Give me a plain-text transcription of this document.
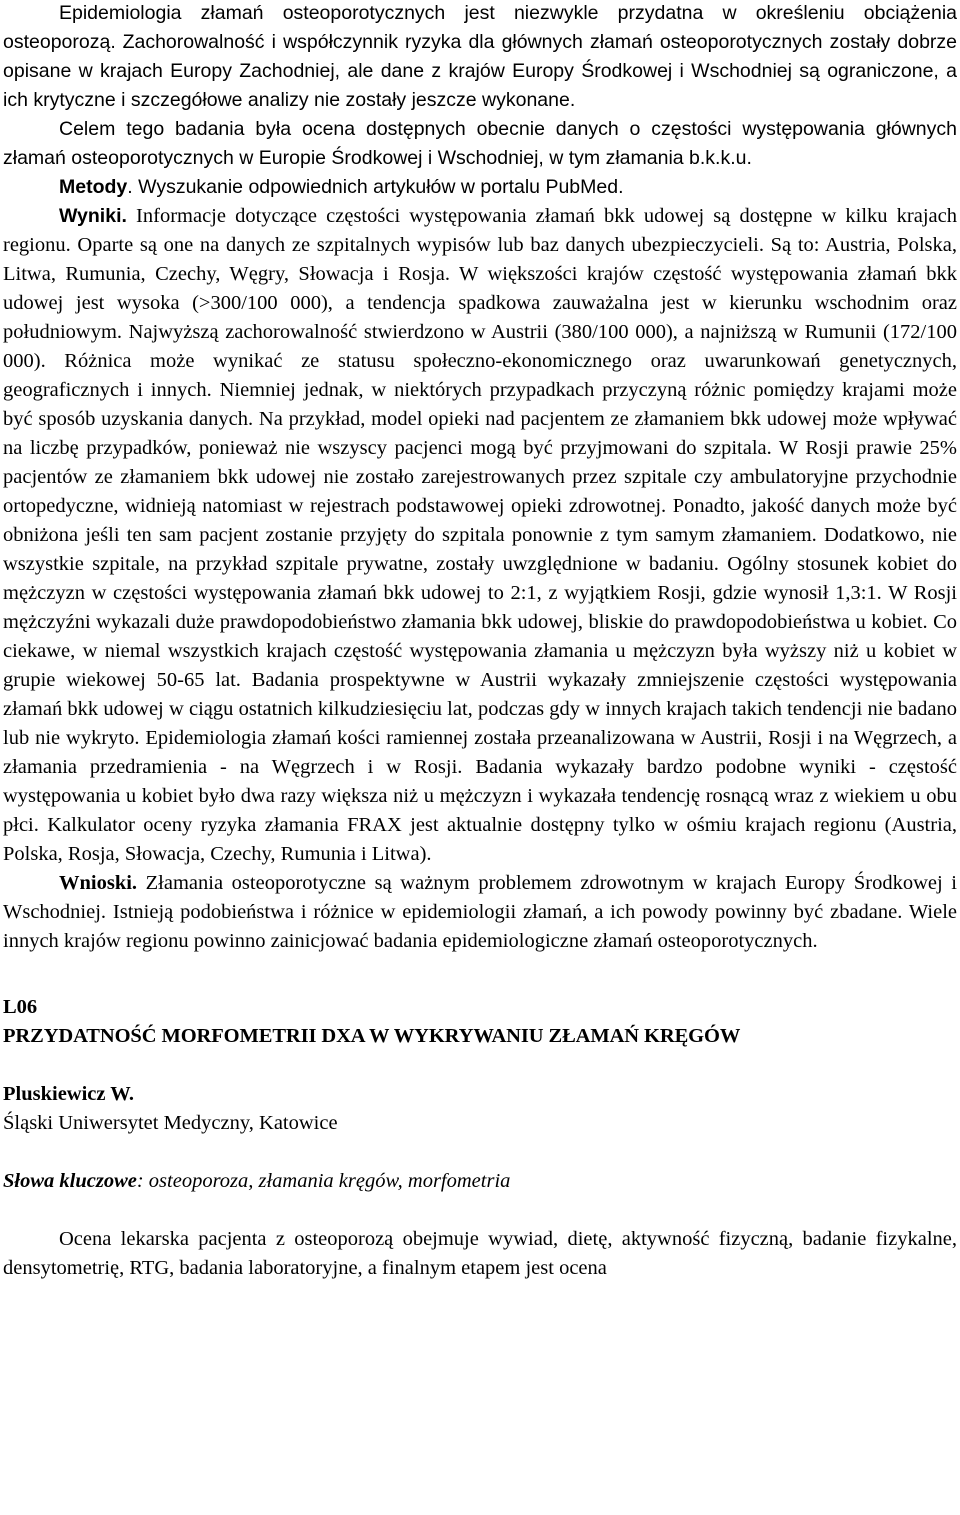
Epidemiologia złamań osteoporotycznych jest niezwykle przydatna w określeniu obciążenia osteoporozą. Zachorowalność i współczynnik ryzyka dla głównych złamań osteoporotycznych zostały dobrze opisane w krajach Europy Zachodniej, ale dane z krajów Europy Środkowej i Wschodniej są ograniczone, a ich krytyczne i szczegółowe analizy nie zostały jeszcze wykonane.

Celem tego badania była ocena dostępnych obecnie danych o częstości występowania głównych złamań osteoporotycznych w Europie Środkowej i Wschodniej, w tym złamania b.k.k.u.

Metody. Wyszukanie odpowiednich artykułów w portalu PubMed.

Wyniki. Informacje dotyczące częstości występowania złamań bkk udowej są dostępne w kilku krajach regionu. Oparte są one na danych ze szpitalnych wypisów lub baz danych ubezpieczycieli. Są to: Austria, Polska, Litwa, Rumunia, Czechy, Węgry, Słowacja i Rosja. W większości krajów częstość występowania złamań bkk udowej jest wysoka (>300/100 000), a tendencja spadkowa zauważalna jest w kierunku wschodnim oraz południowym. Najwyższą zachorowalność stwierdzono w Austrii (380/100 000), a najniższą w Rumunii (172/100 000). Różnica może wynikać ze statusu społeczno-ekonomicznego oraz uwarunkowań genetycznych, geograficznych i innych. Niemniej jednak, w niektórych przypadkach przyczyną różnic pomiędzy krajami może być sposób uzyskania danych. Na przykład, model opieki nad pacjentem ze złamaniem bkk udowej może wpływać na liczbę przypadków, ponieważ nie wszyscy pacjenci mogą być przyjmowani do szpitala. W Rosji prawie 25% pacjentów ze złamaniem bkk udowej nie zostało zarejestrowanych przez szpitale czy ambulatoryjne przychodnie ortopedyczne, widnieją natomiast w rejestrach podstawowej opieki zdrowotnej. Ponadto, jakość danych może być obniżona jeśli ten sam pacjent zostanie przyjęty do szpitala ponownie z tym samym złamaniem. Dodatkowo, nie wszystkie szpitale, na przykład szpitale prywatne, zostały uwzględnione w badaniu. Ogólny stosunek kobiet do mężczyzn w częstości występowania złamań bkk udowej to 2:1, z wyjątkiem Rosji, gdzie wynosił 1,3:1. W Rosji mężczyźni wykazali duże prawdopodobieństwo złamania bkk udowej, bliskie do prawdopodobieństwa u kobiet. Co ciekawe, w niemal wszystkich krajach częstość występowania złamania u mężczyzn była wyższy niż u kobiet w grupie wiekowej 50-65 lat. Badania prospektywne w Austrii wykazały zmniejszenie częstości występowania złamań bkk udowej w ciągu ostatnich kilkudziesięciu lat, podczas gdy w innych krajach takich tendencji nie badano lub nie wykryto. Epidemiologia złamań kości ramiennej została przeanalizowana w Austrii, Rosji i na Węgrzech, a złamania przedramienia - na Węgrzech i w Rosji. Badania wykazały bardzo podobne wyniki - częstość występowania u kobiet było dwa razy większa niż u mężczyzn i wykazała tendencję rosnącą wraz z wiekiem u obu płci. Kalkulator oceny ryzyka złamania FRAX jest aktualnie dostępny tylko w ośmiu krajach regionu (Austria, Polska, Rosja, Słowacja, Czechy, Rumunia i Litwa).

Wnioski. Złamania osteoporotyczne są ważnym problemem zdrowotnym w krajach Europy Środkowej i Wschodniej. Istnieją podobieństwa i różnice w epidemiologii złamań, a ich powody powinny być zbadane. Wiele innych krajów regionu powinno zainicjować badania epidemiologiczne złamań osteoporotycznych.

L06

PRZYDATNOŚĆ MORFOMETRII DXA W WYKRYWANIU ZŁAMAŃ KRĘGÓW

Pluskiewicz W.

Śląski Uniwersytet Medyczny, Katowice

Słowa kluczowe: osteoporoza, złamania kręgów, morfometria

Ocena lekarska pacjenta z osteoporozą obejmuje wywiad, dietę, aktywność fizyczną, badanie fizykalne, densytometrię, RTG, badania laboratoryjne, a finalnym etapem jest ocena
